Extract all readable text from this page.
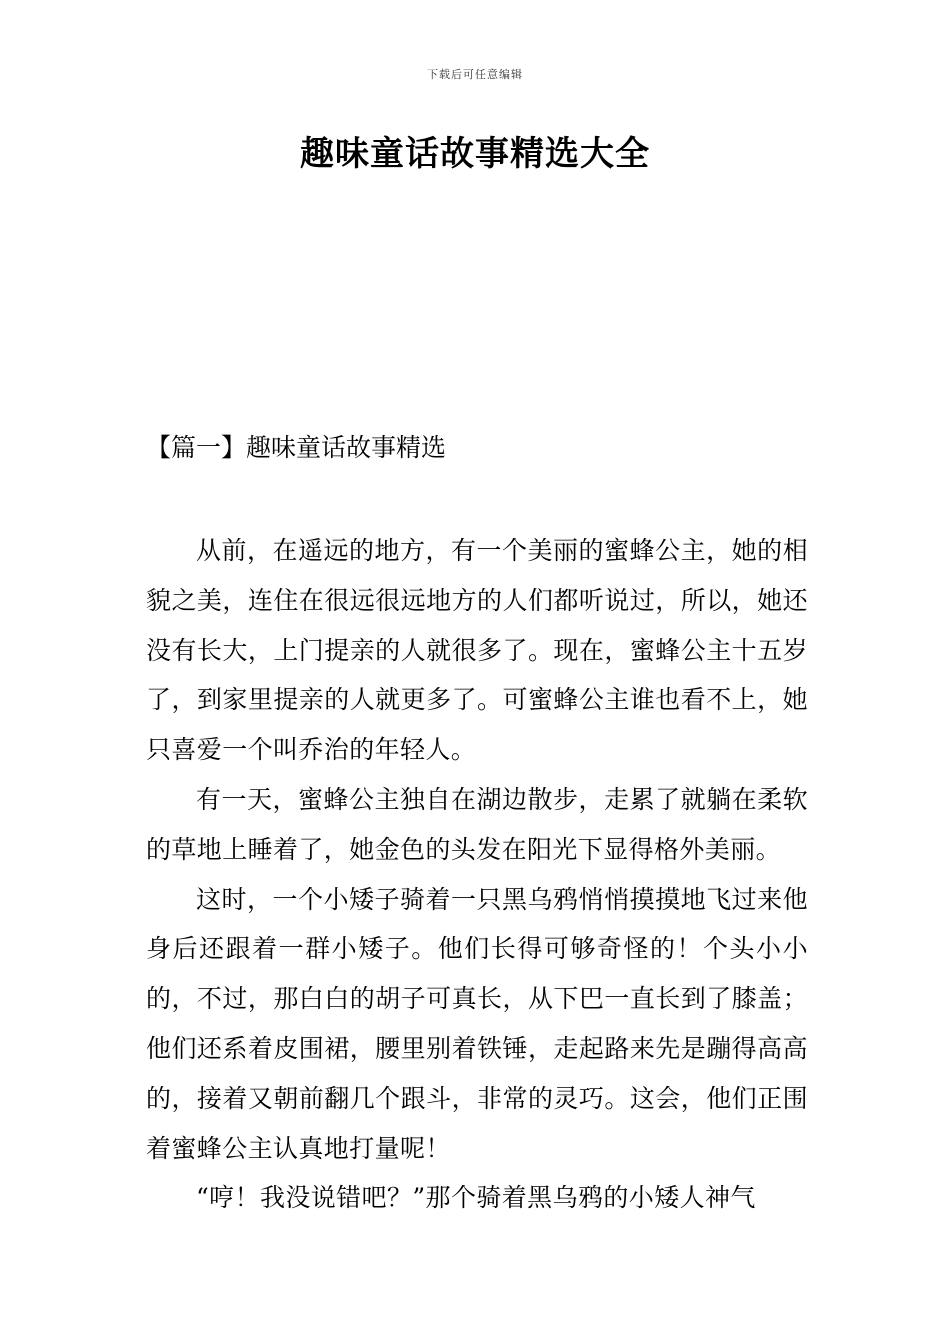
下载后可任意编辑
趣味童话故事精选大全
【篇一】趣味童话故事精选

从前，在遥远的地方，有一个美丽的蜜蜂公主，她的相貌之美，连住在很远很远地方的人们都听说过，所以，她还没有长大，上门提亲的人就很多了。现在，蜜蜂公主十五岁了，到家里提亲的人就更多了。可蜜蜂公主谁也看不上，她只喜爱一个叫乔治的年轻人。

有一天，蜜蜂公主独自在湖边散步，走累了就躺在柔软的草地上睡着了，她金色的头发在阳光下显得格外美丽。

这时，一个小矮子骑着一只黑乌鸦悄悄摸摸地飞过来他身后还跟着一群小矮子。他们长得可够奇怪的！个头小小的，不过，那白白的胡子可真长，从下巴一直长到了膝盖；他们还系着皮围裙，腰里别着铁锤，走起路来先是蹦得高高的，接着又朝前翻几个跟斗，非常的灵巧。这会，他们正围着蜜蜂公主认真地打量呢！

“哼！我没说错吧？”那个骑着黑乌鸦的小矮人神气
